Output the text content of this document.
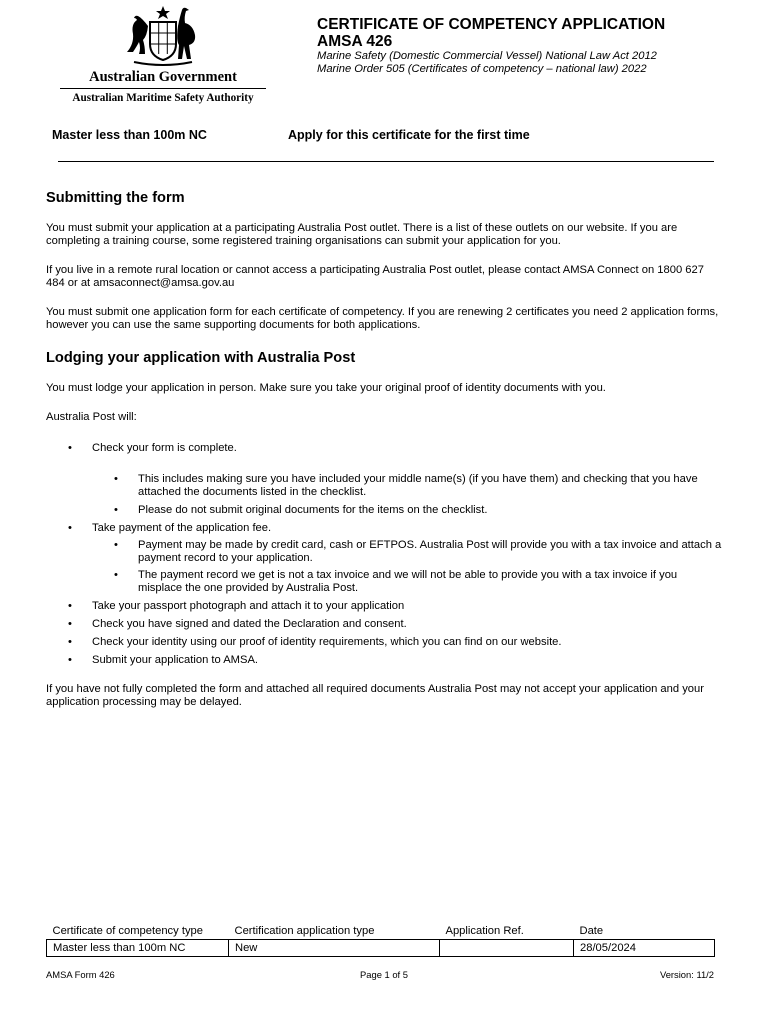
Australian Government
Australian Maritime Safety Authority
CERTIFICATE OF COMPETENCY APPLICATION
AMSA 426
Marine Safety (Domestic Commercial Vessel) National Law Act 2012
Marine Order 505 (Certificates of competency – national law) 2022
Master less than 100m NC	Apply for this certificate for the first time
Submitting the form

You must submit your application at a participating Australia Post outlet. There is a list of these outlets on our website. If you are completing a training course, some registered training organisations can submit your application for you.

If you live in a remote rural location or cannot access a participating Australia Post outlet, please contact AMSA Connect on 1800 627 484 or at amsaconnect@amsa.gov.au

You must submit one application form for each certificate of competency. If you are renewing 2 certificates you need 2 application forms, however you can use the same supporting documents for both applications.

Lodging your application with Australia Post

You must lodge your application in person. Make sure you take your original proof of identity documents with you.

Australia Post will:

• Check your form is complete.
• This includes making sure you have included your middle name(s) (if you have them) and checking that you have attached the documents listed in the checklist.
• Please do not submit original documents for the items on the checklist.
• Take payment of the application fee.
• Payment may be made by credit card, cash or EFTPOS. Australia Post will provide you with a tax invoice and attach a payment record to your application.
• The payment record we get is not a tax invoice and we will not be able to provide you with a tax invoice if you misplace the one provided by Australia Post.
• Take your passport photograph and attach it to your application
• Check you have signed and dated the Declaration and consent.
• Check your identity using our proof of identity requirements, which you can find on our website.
• Submit your application to AMSA.

If you have not fully completed the form and attached all required documents Australia Post may not accept your application and your application processing may be delayed.

Certificate of competency type	Certification application type	Application Ref.	Date
Master less than 100m NC	New		28/05/2024
AMSA Form 426	Page 1 of 5	Version: 11/2
